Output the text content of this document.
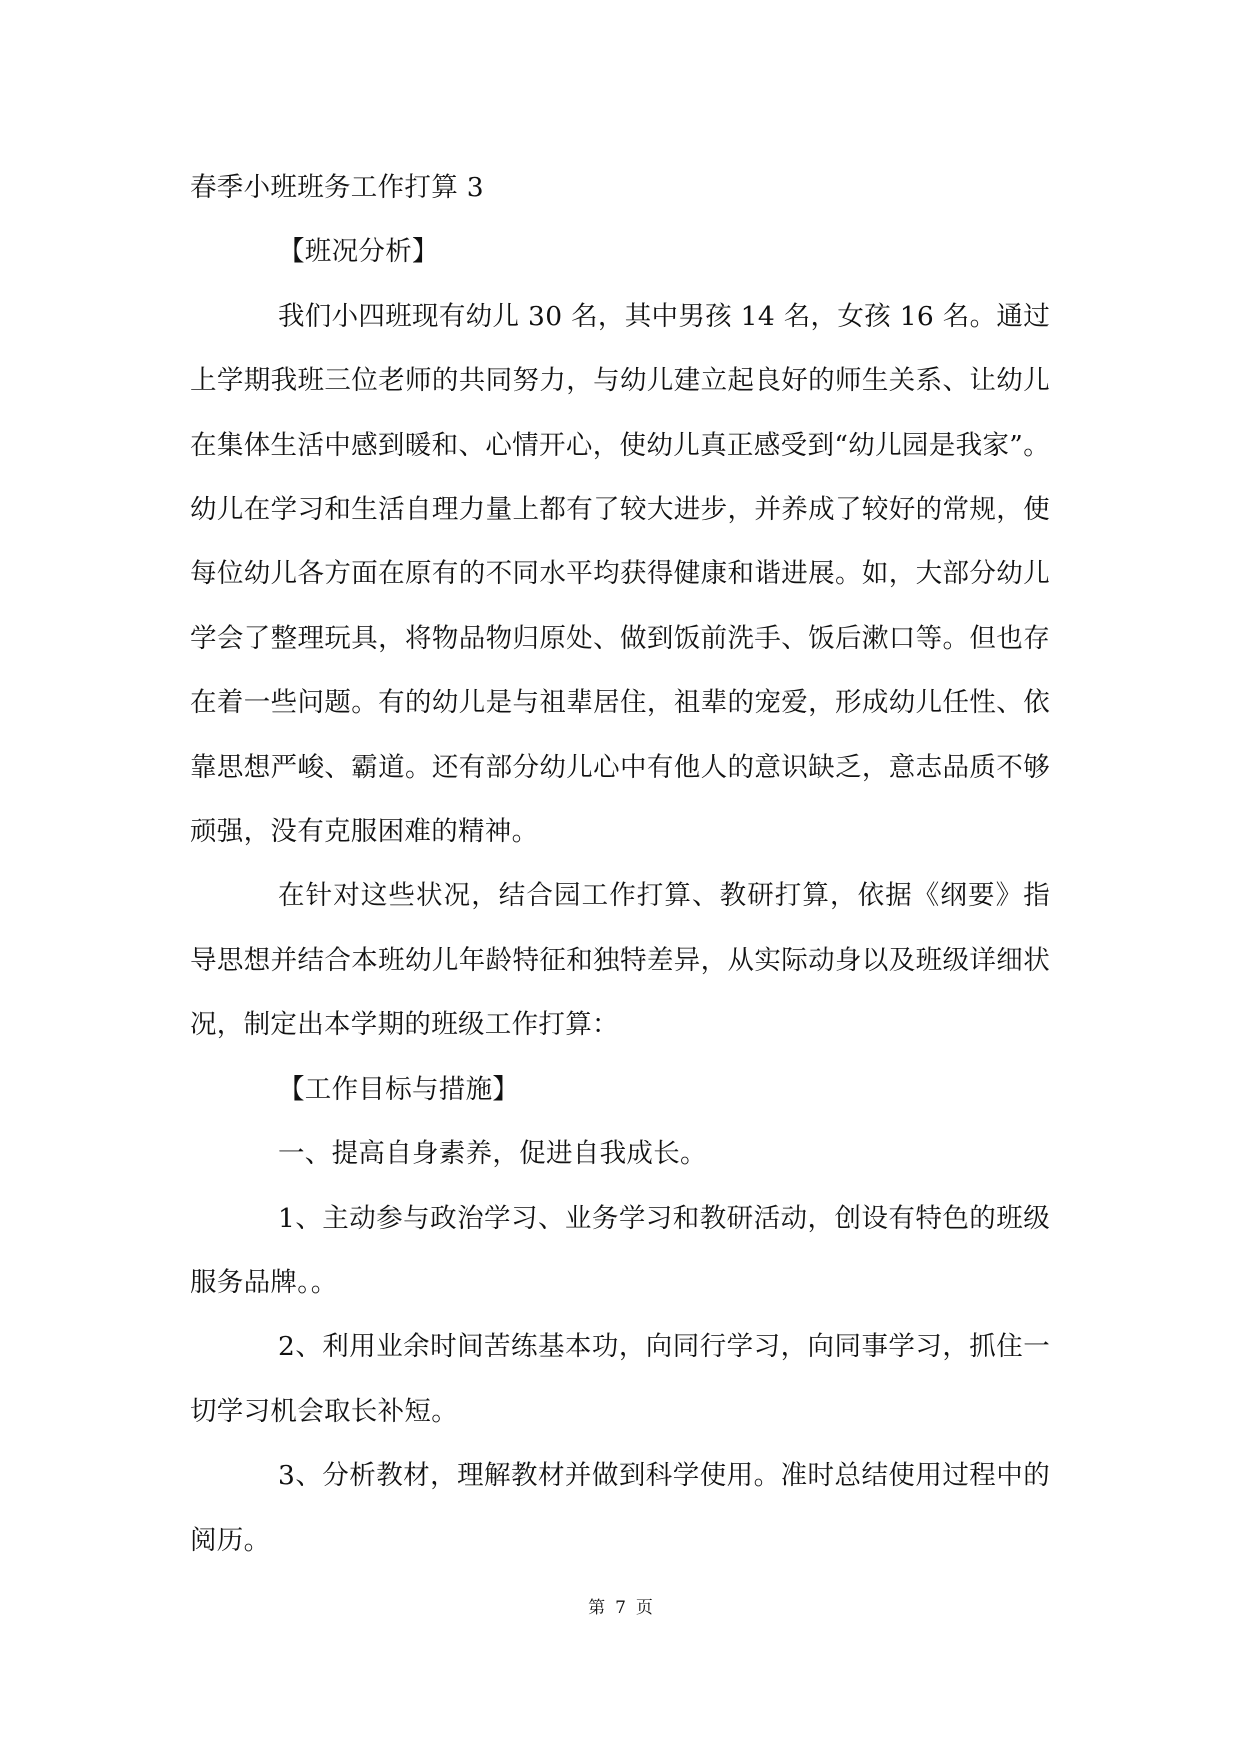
春季小班班务工作打算 3

【班况分析】

我们小四班现有幼儿 30 名，其中男孩 14 名，女孩 16 名。通过上学期我班三位老师的共同努力，与幼儿建立起良好的师生关系、让幼儿在集体生活中感到暖和、心情开心，使幼儿真正感受到“幼儿园是我家”。幼儿在学习和生活自理力量上都有了较大进步，并养成了较好的常规，使每位幼儿各方面在原有的不同水平均获得健康和谐进展。如，大部分幼儿学会了整理玩具，将物品物归原处、做到饭前洗手、饭后漱口等。但也存在着一些问题。有的幼儿是与祖辈居住，祖辈的宠爱，形成幼儿任性、依靠思想严峻、霸道。还有部分幼儿心中有他人的意识缺乏，意志品质不够顽强，没有克服困难的精神。

在针对这些状况，结合园工作打算、教研打算，依据《纲要》指导思想并结合本班幼儿年龄特征和独特差异，从实际动身以及班级详细状况，制定出本学期的班级工作打算：

【工作目标与措施】

一、提高自身素养，促进自我成长。

1、主动参与政治学习、业务学习和教研活动，创设有特色的班级服务品牌。。

2、利用业余时间苦练基本功，向同行学习，向同事学习，抓住一切学习机会取长补短。

3、分析教材，理解教材并做到科学使用。准时总结使用过程中的阅历。

第 7 页
